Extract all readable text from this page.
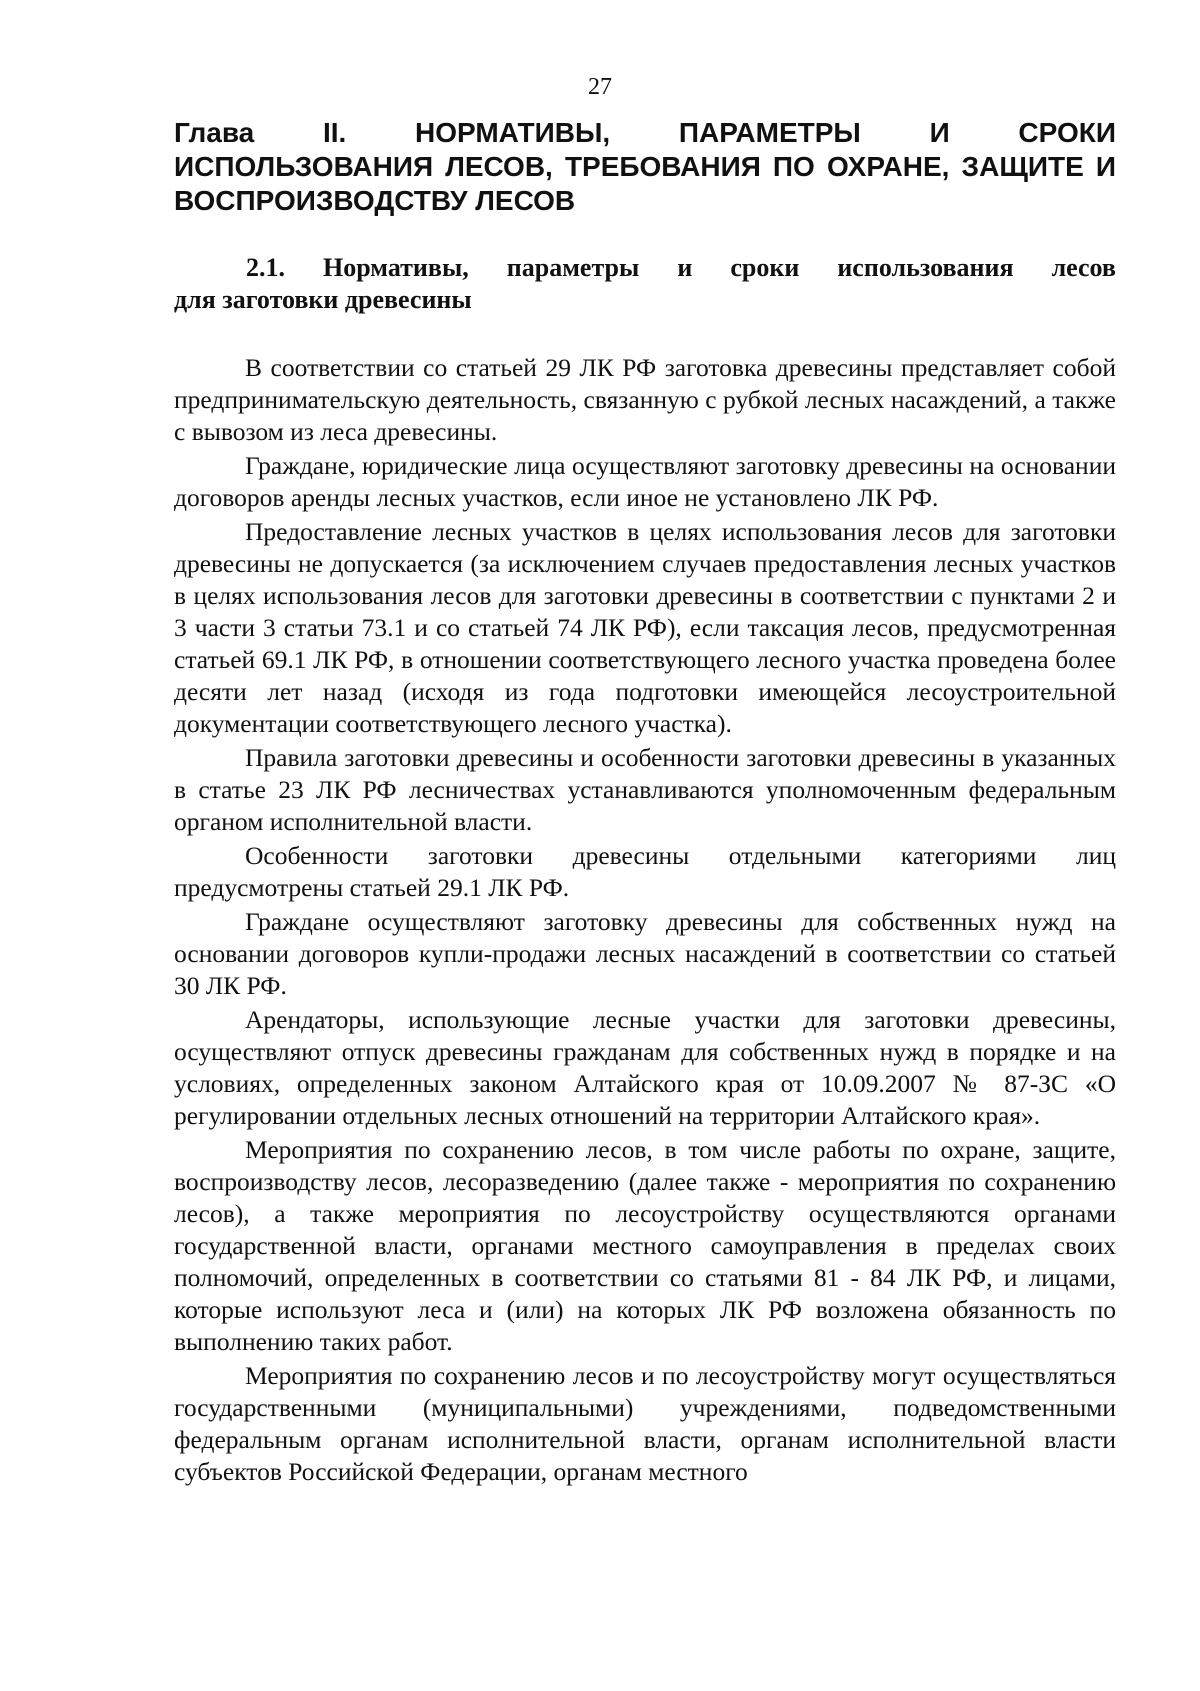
27
Глава II. НОРМАТИВЫ, ПАРАМЕТРЫ И СРОКИ
ИСПОЛЬЗОВАНИЯ ЛЕСОВ, ТРЕБОВАНИЯ ПО ОХРАНЕ, ЗАЩИТЕ И
ВОСПРОИЗВОДСТВУ ЛЕСОВ
2.1. Нормативы, параметры и сроки использования лесов
для заготовки древесины

В соответствии со статьей 29 ЛК РФ заготовка древесины представляет собой предпринимательскую деятельность, связанную с рубкой лесных насаждений, а также с вывозом из леса древесины.

Граждане, юридические лица осуществляют заготовку древесины на основании договоров аренды лесных участков, если иное не установлено ЛК РФ.

Предоставление лесных участков в целях использования лесов для заготовки древесины не допускается (за исключением случаев предоставления лесных участков в целях использования лесов для заготовки древесины в соответствии с пунктами 2 и 3 части 3 статьи 73.1 и со статьей 74 ЛК РФ), если таксация лесов, предусмотренная статьей 69.1 ЛК РФ, в отношении соответствующего лесного участка проведена более десяти лет назад (исходя из года подготовки имеющейся лесоустроительной документации соответствующего лесного участка).

Правила заготовки древесины и особенности заготовки древесины в указанных в статье 23 ЛК РФ лесничествах устанавливаются уполномоченным федеральным органом исполнительной власти.

Особенности заготовки древесины отдельными категориями лиц предусмотрены статьей 29.1 ЛК РФ.

Граждане осуществляют заготовку древесины для собственных нужд на основании договоров купли-продажи лесных насаждений в соответствии со статьей 30 ЛК РФ.

Арендаторы, использующие лесные участки для заготовки древесины, осуществляют отпуск древесины гражданам для собственных нужд в порядке и на условиях, определенных законом Алтайского края от 10.09.2007 № 87-ЗС «О регулировании отдельных лесных отношений на территории Алтайского края».

Мероприятия по сохранению лесов, в том числе работы по охране, защите, воспроизводству лесов, лесоразведению (далее также - мероприятия по сохранению лесов), а также мероприятия по лесоустройству осуществляются органами государственной власти, органами местного самоуправления в пределах своих полномочий, определенных в соответствии со статьями 81 - 84 ЛК РФ, и лицами, которые используют леса и (или) на которых ЛК РФ возложена обязанность по выполнению таких работ.

Мероприятия по сохранению лесов и по лесоустройству могут осуществляться государственными (муниципальными) учреждениями, подведомственными федеральным органам исполнительной власти, органам исполнительной власти субъектов Российской Федерации, органам местного
